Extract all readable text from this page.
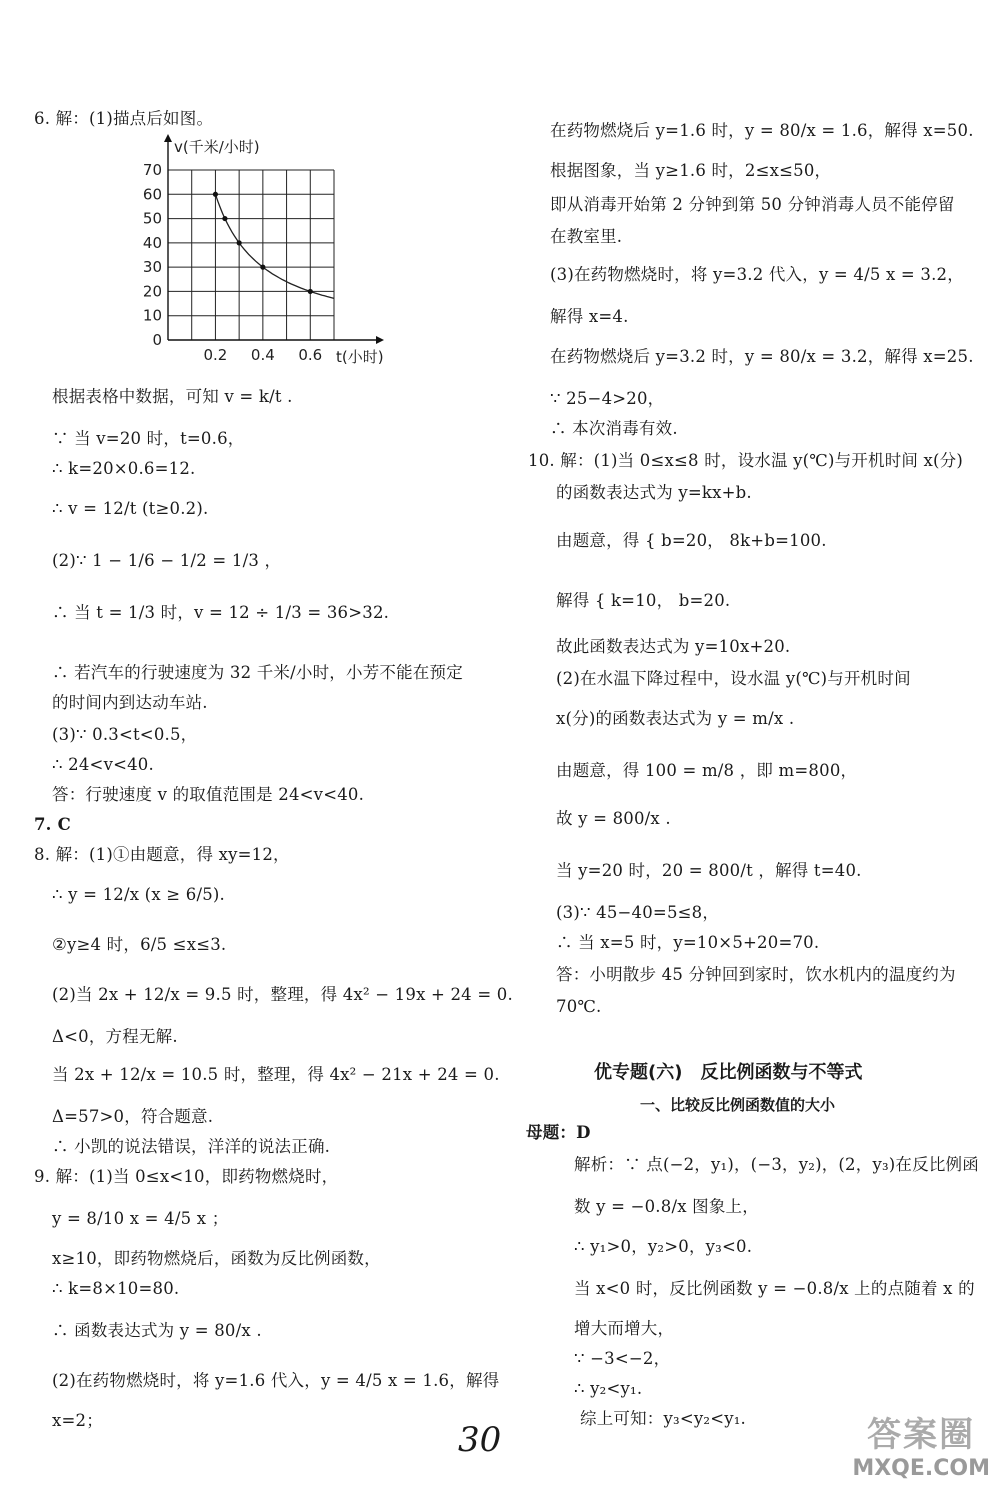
6. 解：(1)描点后如图。
0
10
20
30
40
50
60
70
0.2 0.4 0.6
v(千米/小时)
t(小时)
根据表格中数据，可知 v = k/t .
∵ 当 v=20 时，t=0.6，
∴ k=20×0.6=12.
∴ v = 12/t (t≥0.2).
(2)∵ 1 − 1/6 − 1/2 = 1/3 ，
∴ 当 t = 1/3 时，v = 12 ÷ 1/3 = 36>32.
∴ 若汽车的行驶速度为 32 千米/小时，小芳不能在预定
的时间内到达动车站.
(3)∵ 0.3<t<0.5，
∴ 24<v<40.
答：行驶速度 v 的取值范围是 24<v<40.
7. C
8. 解：(1)①由题意，得 xy=12，
∴ y = 12/x (x ≥ 6/5).
②y≥4 时，6/5 ≤x≤3.
(2)当 2x + 12/x = 9.5 时，整理，得 4x² − 19x + 24 = 0.
Δ<0，方程无解.
当 2x + 12/x = 10.5 时，整理，得 4x² − 21x + 24 = 0.
Δ=57>0，符合题意.
∴ 小凯的说法错误，洋洋的说法正确.
9. 解：(1)当 0≤x<10，即药物燃烧时，
y = 8/10 x = 4/5 x ；
x≥10，即药物燃烧后，函数为反比例函数，
∴ k=8×10=80.
∴ 函数表达式为 y = 80/x .
(2)在药物燃烧时，将 y=1.6 代入，y = 4/5 x = 1.6，解得
x=2；
在药物燃烧后 y=1.6 时，y = 80/x = 1.6，解得 x=50.
根据图象，当 y≥1.6 时，2≤x≤50，
即从消毒开始第 2 分钟到第 50 分钟消毒人员不能停留
在教室里.
(3)在药物燃烧时，将 y=3.2 代入，y = 4/5 x = 3.2，
解得 x=4.
在药物燃烧后 y=3.2 时，y = 80/x = 3.2，解得 x=25.
∵ 25−4>20，
∴ 本次消毒有效.
10. 解：(1)当 0≤x≤8 时，设水温 y(℃)与开机时间 x(分)
的函数表达式为 y=kx+b.
由题意，得 { b=20， 8k+b=100.
解得 { k=10， b=20.
故此函数表达式为 y=10x+20.
(2)在水温下降过程中，设水温 y(℃)与开机时间
x(分)的函数表达式为 y = m/x .
由题意，得 100 = m/8 ，即 m=800，
故 y = 800/x .
当 y=20 时，20 = 800/t ，解得 t=40.
(3)∵ 45−40=5≤8，
∴ 当 x=5 时，y=10×5+20=70.
答：小明散步 45 分钟回到家时，饮水机内的温度约为
70℃.
优专题(六)　反比例函数与不等式
一、比较反比例函数值的大小
母题：D
解析：∵ 点(−2，y₁)，(−3，y₂)，(2，y₃)在反比例函
数 y = −0.8/x 图象上，
∴ y₁>0，y₂>0，y₃<0.
当 x<0 时，反比例函数 y = −0.8/x 上的点随着 x 的
增大而增大，
∵ −3<−2，
∴ y₂<y₁.
综上可知：y₃<y₂<y₁.
30	答案圈
MXQE.COM
